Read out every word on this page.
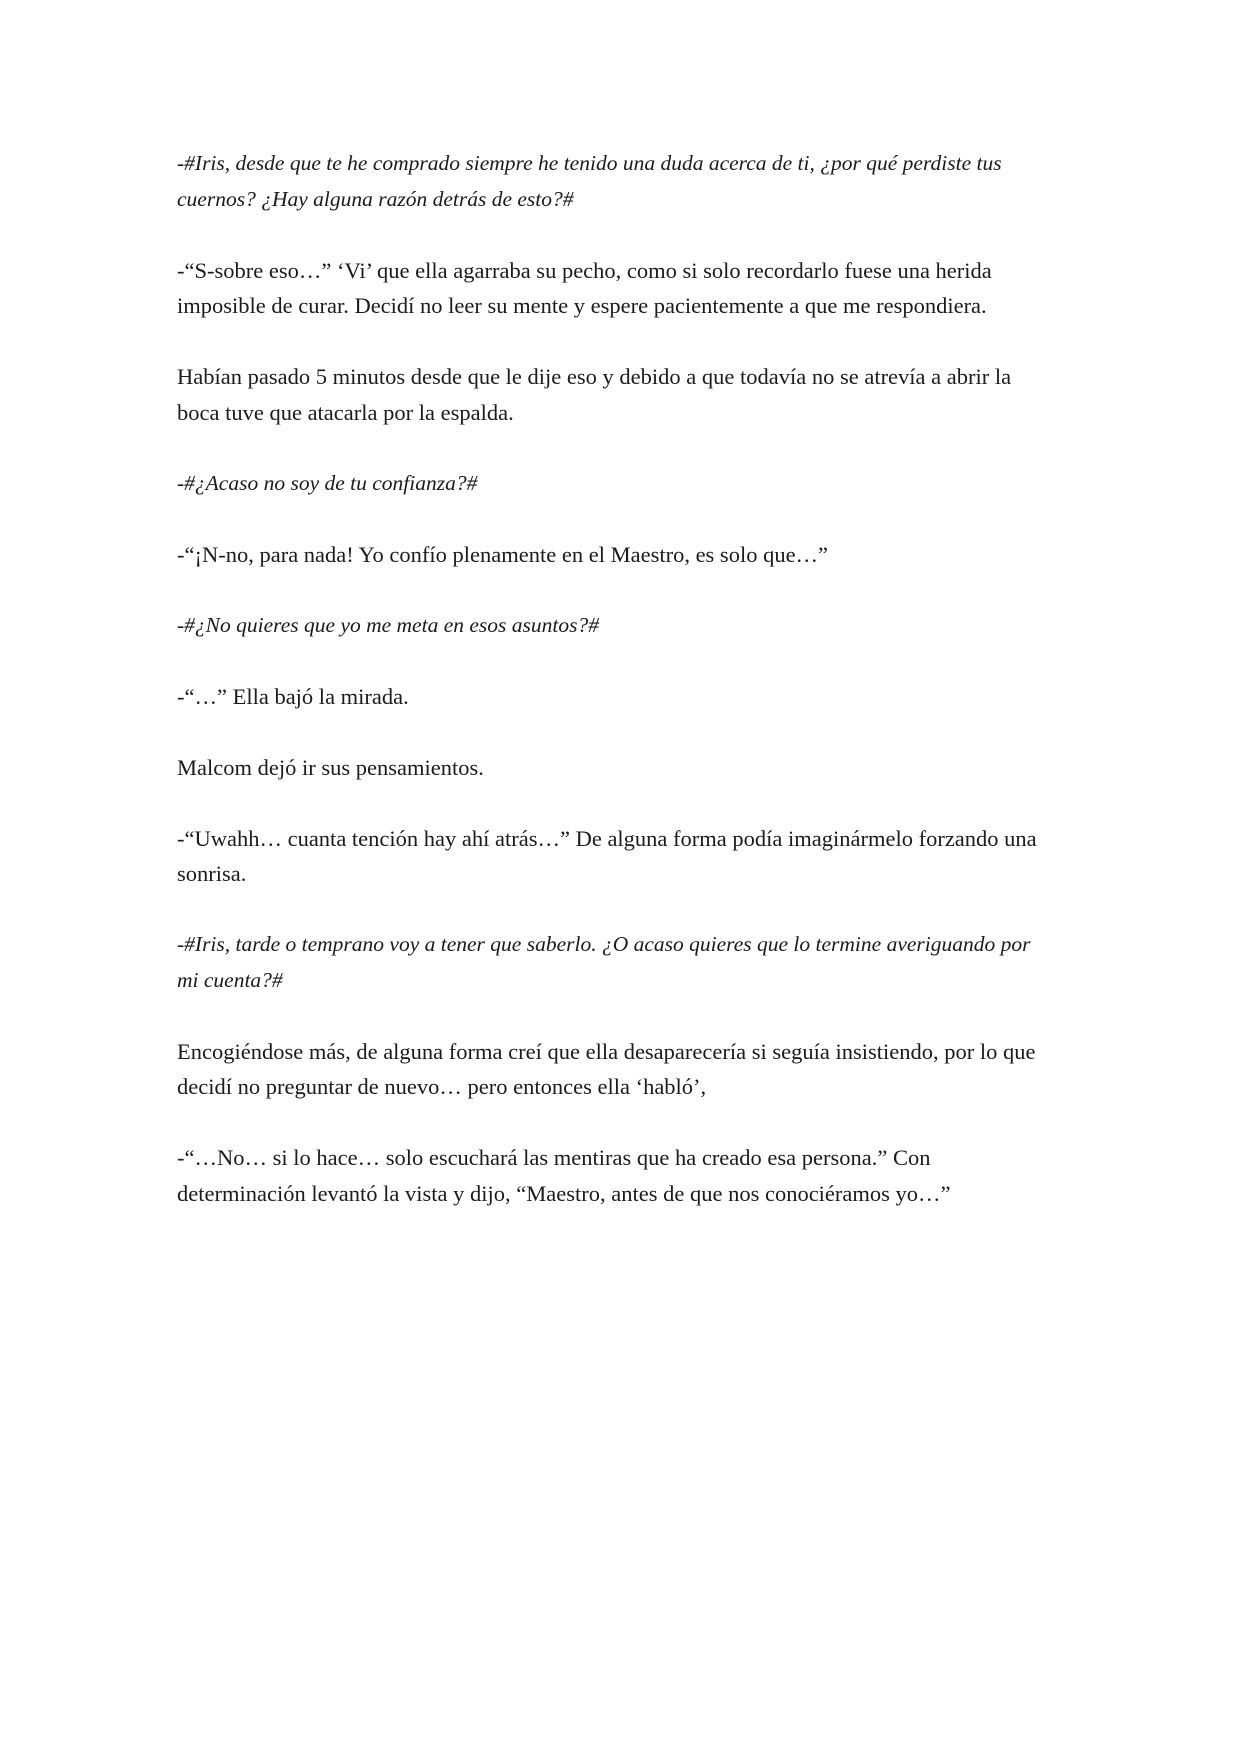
-#Iris, desde que te he comprado siempre he tenido una duda acerca de ti, ¿por qué perdiste tus cuernos? ¿Hay alguna razón detrás de esto?#

-“S-sobre eso…” ‘Vi’ que ella agarraba su pecho, como si solo recordarlo fuese una herida imposible de curar. Decidí no leer su mente y espere pacientemente a que me respondiera.

Habían pasado 5 minutos desde que le dije eso y debido a que todavía no se atrevía a abrir la boca tuve que atacarla por la espalda.

-#¿Acaso no soy de tu confianza?#

-“¡N-no, para nada! Yo confío plenamente en el Maestro, es solo que…”

-#¿No quieres que yo me meta en esos asuntos?#

-“…” Ella bajó la mirada.

Malcom dejó ir sus pensamientos.

-“Uwahh… cuanta tención hay ahí atrás…” De alguna forma podía imaginármelo forzando una sonrisa.

-#Iris, tarde o temprano voy a tener que saberlo. ¿O acaso quieres que lo termine averiguando por mi cuenta?#

Encogiéndose más, de alguna forma creí que ella desaparecería si seguía insistiendo, por lo que decidí no preguntar de nuevo… pero entonces ella ‘habló’,

-“…No… si lo hace… solo escuchará las mentiras que ha creado esa persona.” Con determinación levantó la vista y dijo, “Maestro, antes de que nos conociéramos yo…”
